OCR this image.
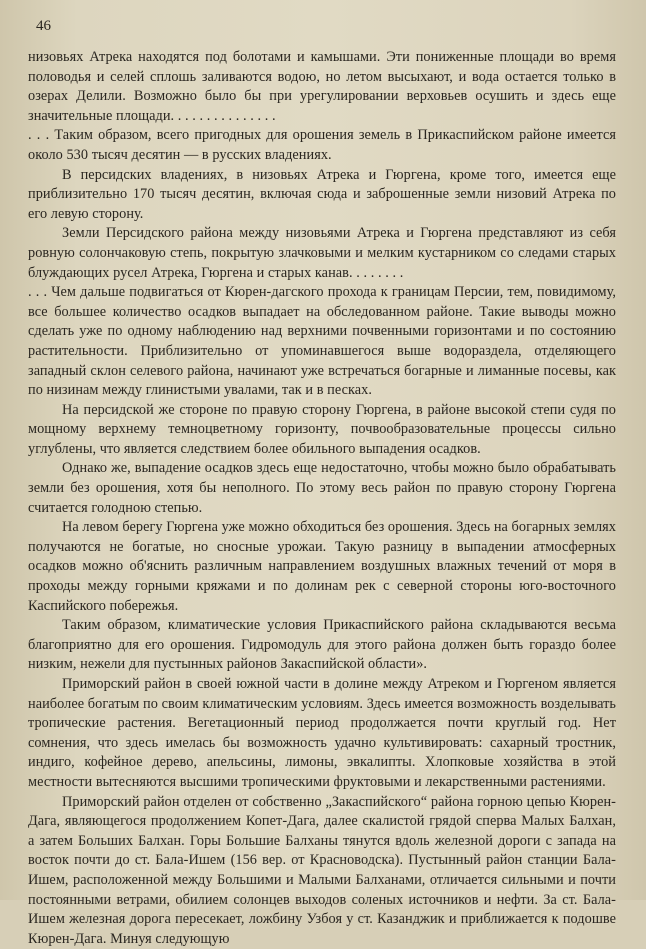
46

низовьях Атрека находятся под болотами и камышами. Эти пониженные площади во время половодья и селей сплошь заливаются водою, но летом высыхают, и вода остается только в озерах Делили. Возможно было бы при урегулировании верховьев осушить и здесь еще значительные площади. . . . . . . . . . . . . . .

. . . Таким образом, всего пригодных для орошения земель в Прикаспийском районе имеется около 530 тысяч десятин — в русских владениях.

В персидских владениях, в низовьях Атрека и Гюргена, кроме того, имеется еще приблизительно 170 тысяч десятин, включая сюда и заброшенные земли низовий Атрека по его левую сторону.

Земли Персидского района между низовьями Атрека и Гюргена представляют из себя ровную солончаковую степь, покрытую злачковыми и мелким кустарником со следами старых блуждающих русел Атрека, Гюргена и старых канав. . . . . . . .

. . . Чем дальше подвигаться от Кюрен-дагского прохода к границам Персии, тем, повидимому, все большее количество осадков выпадает на обследованном районе. Такие выводы можно сделать уже по одному наблюдению над верхними почвенными горизонтами и по состоянию растительности. Приблизительно от упоминавшегося выше водораздела, отделяющего западный склон селевого района, начинают уже встречаться богарные и лиманные посевы, как по низинам между глинистыми увалами, так и в песках.

На персидской же стороне по правую сторону Гюргена, в районе высокой степи судя по мощному верхнему темноцветному горизонту, почвообразовательные процессы сильно углублены, что является следствием более обильного выпадения осадков.

Однако же, выпадение осадков здесь еще недостаточно, чтобы можно было обрабатывать земли без орошения, хотя бы неполного. По этому весь район по правую сторону Гюргена считается голодною степью.

На левом берегу Гюргена уже можно обходиться без орошения. Здесь на богарных землях получаются не богатые, но сносные урожаи. Такую разницу в выпадении атмосферных осадков можно об'яснить различным направлением воздушных влажных течений от моря в проходы между горными кряжами и по долинам рек с северной стороны юго-восточного Каспийского побережья.

Таким образом, климатические условия Прикаспийского района складываются весьма благоприятно для его орошения. Гидромодуль для этого района должен быть гораздо более низким, нежели для пустынных районов Закаспийской области».

Приморский район в своей южной части в долине между Атреком и Гюргеном является наиболее богатым по своим климатическим условиям. Здесь имеется возможность возделывать тропические растения. Вегетационный период продолжается почти круглый год. Нет сомнения, что здесь имелась бы возможность удачно культивировать: сахарный тростник, индиго, кофейное дерево, апельсины, лимоны, эвкалипты. Хлопковые хозяйства в этой местности вытесняются высшими тропическими фруктовыми и лекарственными растениями.

Приморский район отделен от собственно „Закаспийского“ района горною цепью Кюрен-Дага, являющегося продолжением Копет-Дага, далее скалистой грядой сперва Малых Балхан, а затем Больших Балхан. Горы Большие Балханы тянутся вдоль железной дороги с запада на восток почти до ст. Бала-Ишем (156 вер. от Красноводска). Пустынный район станции Бала-Ишем, расположенной между Большими и Малыми Балханами, отличается сильными и почти постоянными ветрами, обилием солонцев выходов соленых источников и нефти. За ст. Бала-Ишем железная дорога пересекает, ложбину Узбоя у ст. Казанджик и приближается к подошве Кюрен-Дага. Минуя следующую
